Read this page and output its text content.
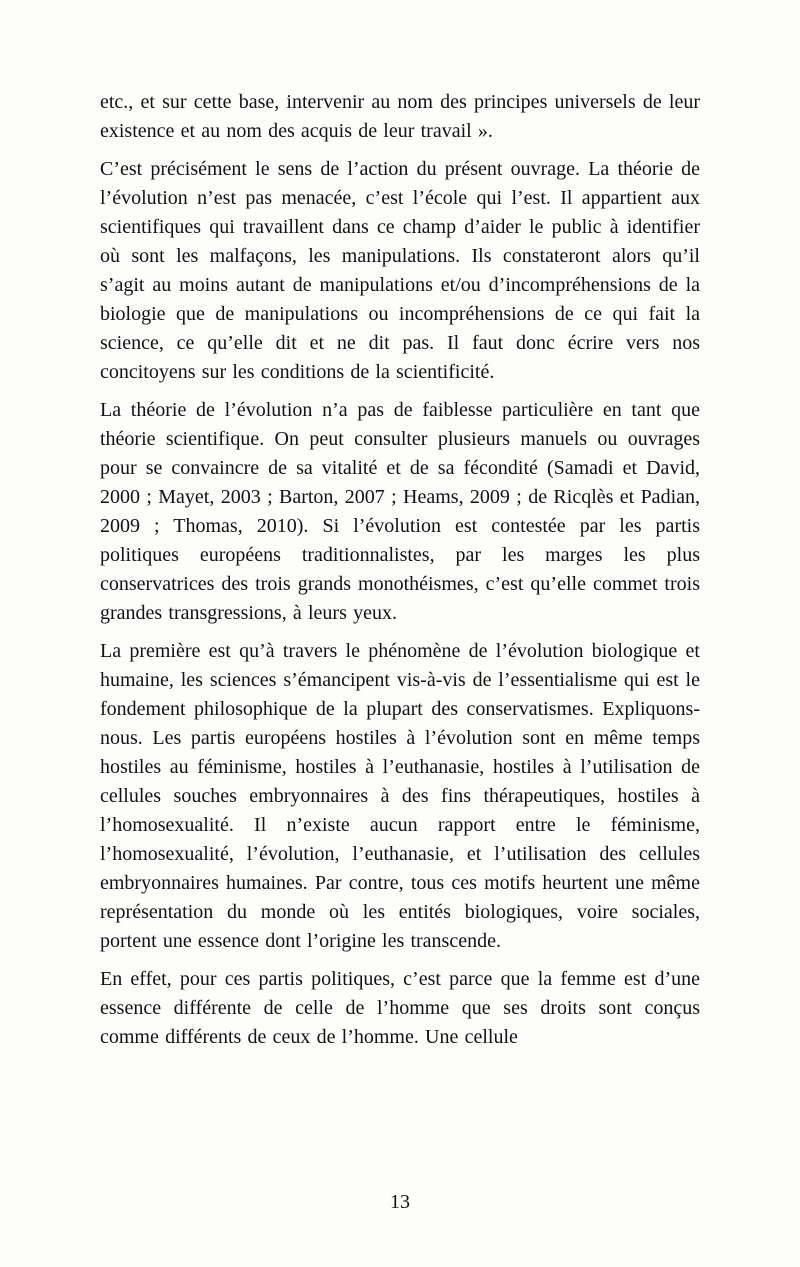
etc., et sur cette base, intervenir au nom des principes universels de leur existence et au nom des acquis de leur travail ».

C’est précisément le sens de l’action du présent ouvrage. La théorie de l’évolution n’est pas menacée, c’est l’école qui l’est. Il appartient aux scientifiques qui travaillent dans ce champ d’aider le public à identifier où sont les malfaçons, les manipulations. Ils constateront alors qu’il s’agit au moins autant de manipulations et/ou d’incompréhensions de la biologie que de manipulations ou incompréhensions de ce qui fait la science, ce qu’elle dit et ne dit pas. Il faut donc écrire vers nos concitoyens sur les conditions de la scientificité.

La théorie de l’évolution n’a pas de faiblesse particulière en tant que théorie scientifique. On peut consulter plusieurs manuels ou ouvrages pour se convaincre de sa vitalité et de sa fécondité (Samadi et David, 2000 ; Mayet, 2003 ; Barton, 2007 ; Heams, 2009 ; de Ricqlès et Padian, 2009 ; Thomas, 2010). Si l’évolution est contestée par les partis politiques européens traditionnalistes, par les marges les plus conservatrices des trois grands monothéismes, c’est qu’elle commet trois grandes transgressions, à leurs yeux.

La première est qu’à travers le phénomène de l’évolution biologique et humaine, les sciences s’émancipent vis-à-vis de l’essentialisme qui est le fondement philosophique de la plupart des conservatismes. Expliquons-nous. Les partis européens hostiles à l’évolution sont en même temps hostiles au féminisme, hostiles à l’euthanasie, hostiles à l’utilisation de cellules souches embryonnaires à des fins thérapeutiques, hostiles à l’homosexualité. Il n’existe aucun rapport entre le féminisme, l’homosexualité, l’évolution, l’euthanasie, et l’utilisation des cellules embryonnaires humaines. Par contre, tous ces motifs heurtent une même représentation du monde où les entités biologiques, voire sociales, portent une essence dont l’origine les transcende.

En effet, pour ces partis politiques, c’est parce que la femme est d’une essence différente de celle de l’homme que ses droits sont conçus comme différents de ceux de l’homme. Une cellule

13
